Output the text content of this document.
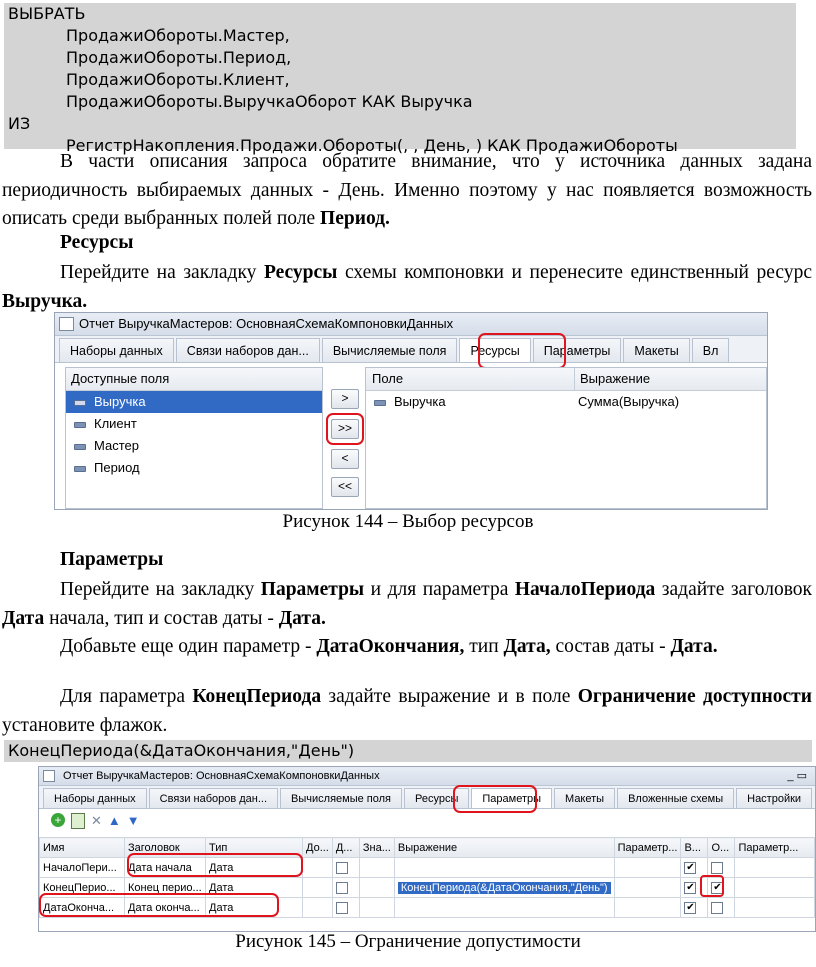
ВЫБРАТЬ
ПродажиОбороты.Мастер,
ПродажиОбороты.Период,
ПродажиОбороты.Клиент,
ПродажиОбороты.ВыручкаОборот КАК Выручка
ИЗ
РегистрНакопления.Продажи.Обороты(, , День, ) КАК ПродажиОбороты
В части описания запроса обратите внимание, что у источника данных задана периодичность выбираемых данных - День. Именно поэтому у нас появляется возможность описать среди выбранных полей поле Период.
Ресурсы
Перейдите на закладку Ресурсы схемы компоновки и перенесите единственный ресурс Выручка.
Отчет ВыручкаМастеров: ОсновнаяСхемаКомпоновкиДанных
Наборы данных	Связи наборов дан...	Вычисляемые поля	Ресурсы	Параметры	Макеты	Вл
Доступные поля
Выручка
Клиент
Мастер
Период
>
>>
<
<<
Поле	Выражение
Выручка	Сумма(Выручка)
Рисунок 144 – Выбор ресурсов
Параметры
Перейдите на закладку Параметры и для параметра НачалоПериода задайте заголовок Дата начала, тип и состав даты - Дата.
Добавьте еще один параметр - ДатаОкончания, тип Дата, состав даты - Дата.
Для параметра КонецПериода задайте выражение и в поле Ограничение доступности установите флажок.
КонецПериода(&ДатаОкончания,"День")
Отчет ВыручкаМастеров: ОсновнаяСхемаКомпоновкиДанных	_ ▭
Наборы данных	Связи наборов дан...	Вычисляемые поля	Ресурсы	Параметры	Макеты	Вложенные схемы	Настройки
+ ✕ ▲ ▼
Имя	Заголовок	Тип	До...	Д...	Зна...	Выражение	Параметр...	В...	О...	Параметр...
НачалоПери...	Дата начала	Дата						✔		
КонецПерио...	Конец перио...	Дата				КонецПериода(&ДатаОкончания,"День")		✔	✔	
ДатаОконча...	Дата оконча...	Дата						✔		
Рисунок 145 – Ограничение допустимости
